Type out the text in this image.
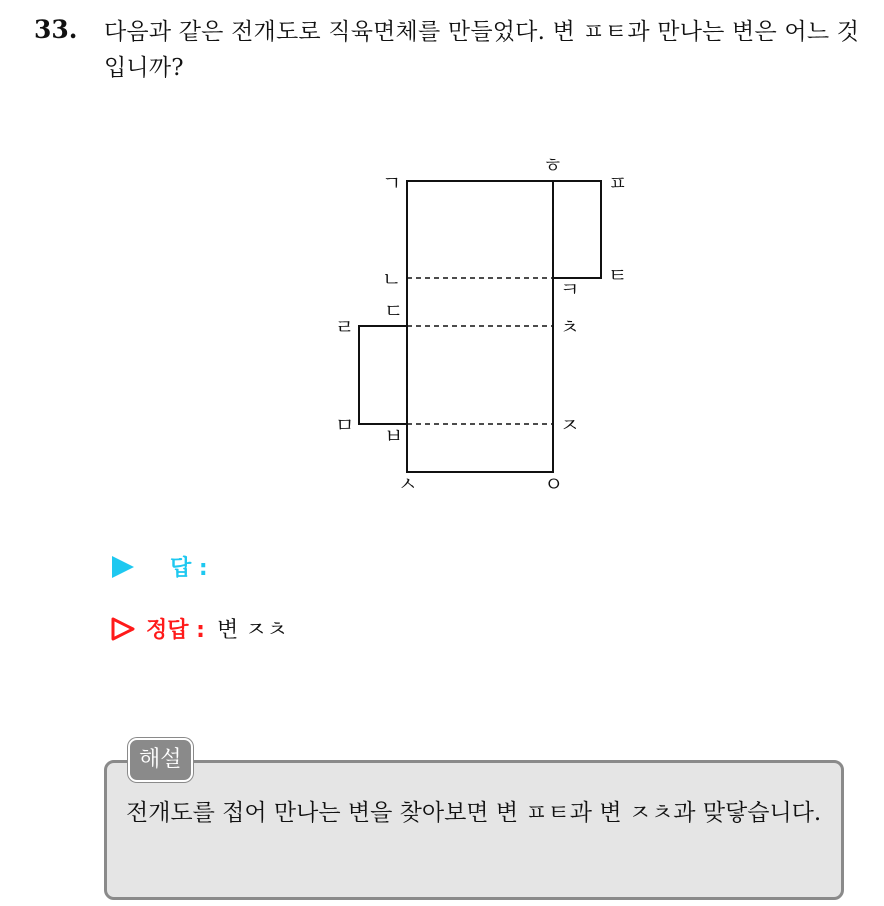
33. 다음과 같은 전개도로 직육면체를 만들었다. 변 ㅍㅌ과 만나는 변은 어느 것입니까?
ㄱ
ㅎ
ㅍ
ㄴ	ㅌ
ㅋ
ㄷ
ㄹ	ㅊ
ㅁ	ㅈ
ㅂ
ㅅ	ㅇ
답 :
정답 : 변 ㅈㅊ
해설
전개도를 접어 만나는 변을 찾아보면 변 ㅍㅌ과 변 ㅈㅊ과 맞닿습니다.
